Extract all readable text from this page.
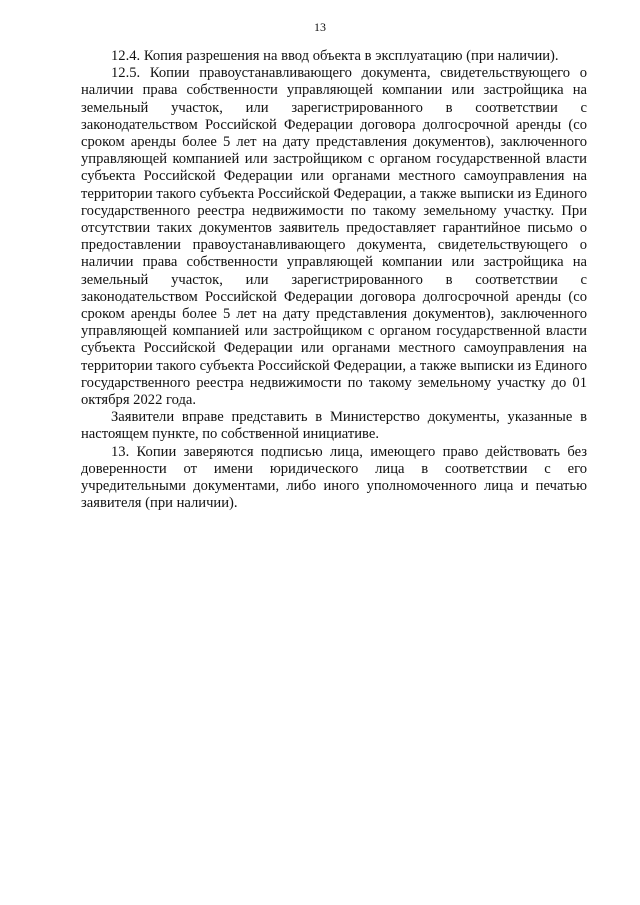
13

12.4. Копия разрешения на ввод объекта в эксплуатацию (при наличии).

12.5. Копии правоустанавливающего документа, свидетельствующего о наличии права собственности управляющей компании или застройщика на земельный участок, или зарегистрированного в соответствии с законодательством Российской Федерации договора долгосрочной аренды (со сроком аренды более 5 лет на дату представления документов), заключенного управляющей компанией или застройщиком с органом государственной власти субъекта Российской Федерации или органами местного самоуправления на территории такого субъекта Российской Федерации, а также выписки из Единого государственного реестра недвижимости по такому земельному участку. При отсутствии таких документов заявитель предоставляет гарантийное письмо о предоставлении правоустанавливающего документа, свидетельствующего о наличии права собственности управляющей компании или застройщика на земельный участок, или зарегистрированного в соответствии с законодательством Российской Федерации договора долгосрочной аренды (со сроком аренды более 5 лет на дату представления документов), заключенного управляющей компанией или застройщиком с органом государственной власти субъекта Российской Федерации или органами местного самоуправления на территории такого субъекта Российской Федерации, а также выписки из Единого государственного реестра недвижимости по такому земельному участку до 01 октября 2022 года.

Заявители вправе представить в Министерство документы, указанные в настоящем пункте, по собственной инициативе.

13. Копии заверяются подписью лица, имеющего право действовать без доверенности от имени юридического лица в соответствии с его учредительными документами, либо иного уполномоченного лица и печатью заявителя (при наличии).
